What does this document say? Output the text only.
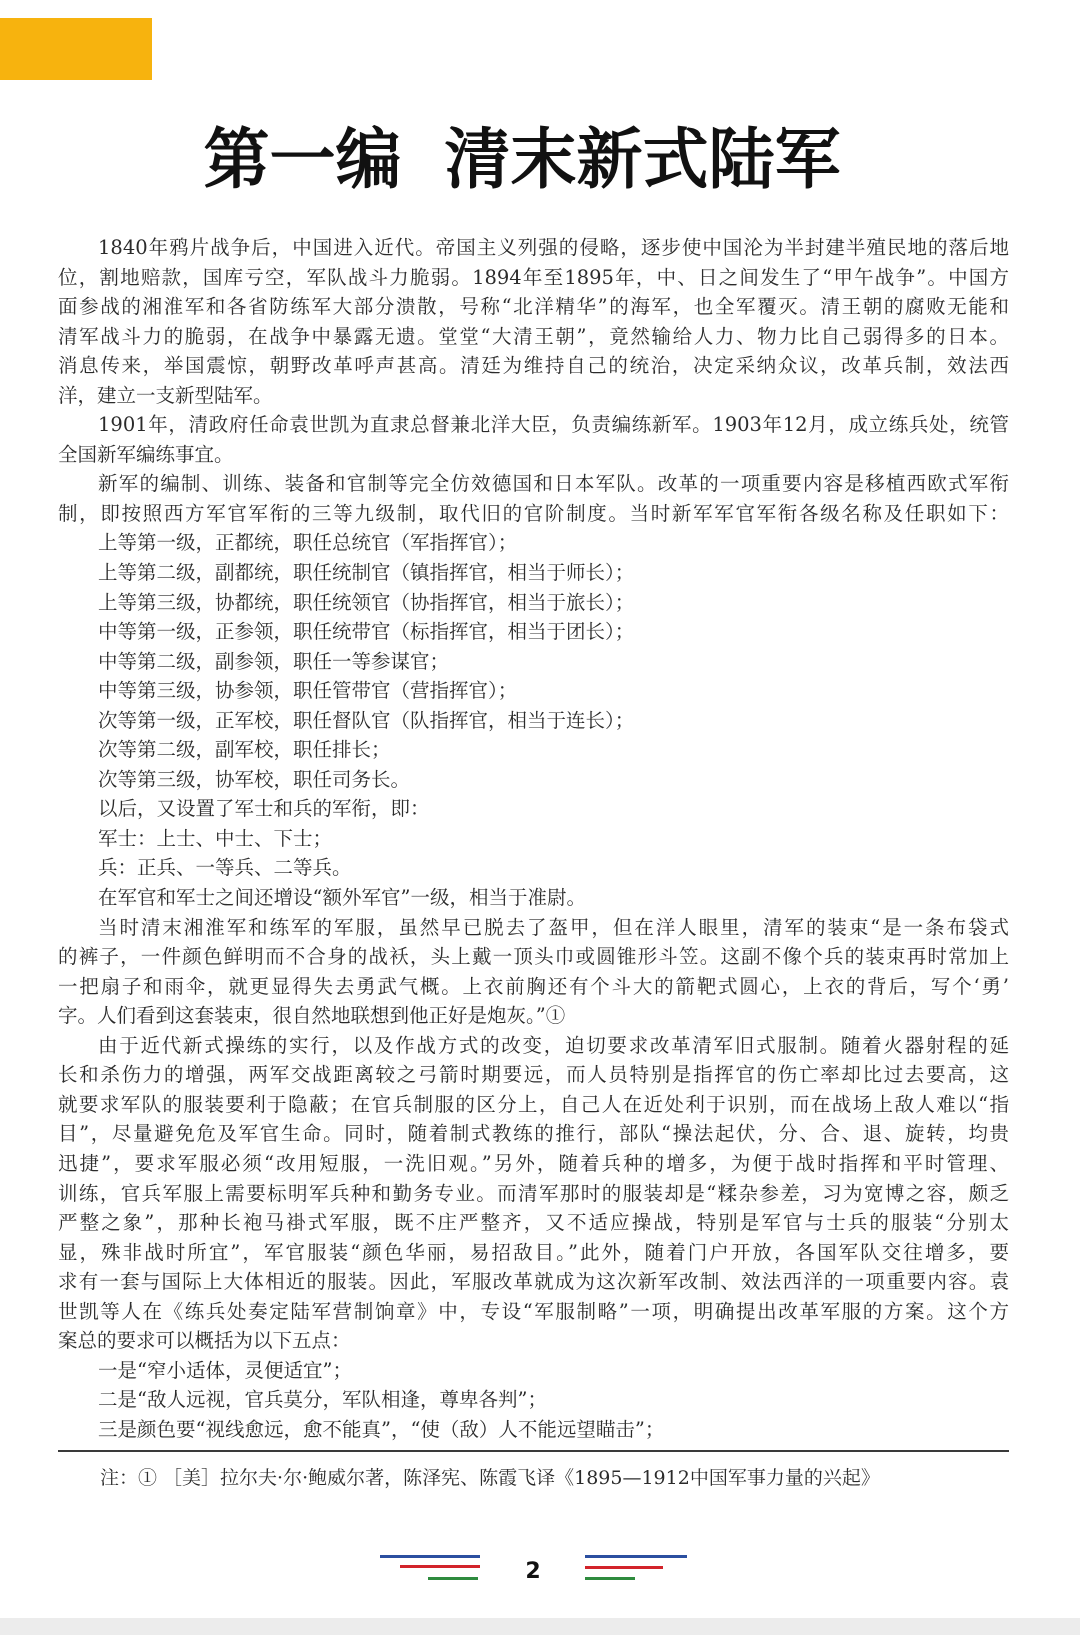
第一编 清末新式陆军
1840年鸦片战争后，中国进入近代。帝国主义列强的侵略，逐步使中国沦为半封建半殖民地的落后地
位，割地赔款，国库亏空，军队战斗力脆弱。1894年至1895年，中、日之间发生了“甲午战争”。中国方
面参战的湘淮军和各省防练军大部分溃散，号称“北洋精华”的海军，也全军覆灭。清王朝的腐败无能和
清军战斗力的脆弱，在战争中暴露无遗。堂堂“大清王朝”，竟然输给人力、物力比自己弱得多的日本。
消息传来，举国震惊，朝野改革呼声甚高。清廷为维持自己的统治，决定采纳众议，改革兵制，效法西
洋，建立一支新型陆军。
1901年，清政府任命袁世凯为直隶总督兼北洋大臣，负责编练新军。1903年12月，成立练兵处，统管
全国新军编练事宜。
新军的编制、训练、装备和官制等完全仿效德国和日本军队。改革的一项重要内容是移植西欧式军衔
制，即按照西方军官军衔的三等九级制，取代旧的官阶制度。当时新军军官军衔各级名称及任职如下：
上等第一级，正都统，职任总统官（军指挥官）；
上等第二级，副都统，职任统制官（镇指挥官，相当于师长）；
上等第三级，协都统，职任统领官（协指挥官，相当于旅长）；
中等第一级，正参领，职任统带官（标指挥官，相当于团长）；
中等第二级，副参领，职任一等参谋官；
中等第三级，协参领，职任管带官（营指挥官）；
次等第一级，正军校，职任督队官（队指挥官，相当于连长）；
次等第二级，副军校，职任排长；
次等第三级，协军校，职任司务长。
以后，又设置了军士和兵的军衔，即：
军士：上士、中士、下士；
兵：正兵、一等兵、二等兵。
在军官和军士之间还增设“额外军官”一级，相当于准尉。
当时清末湘淮军和练军的军服，虽然早已脱去了盔甲，但在洋人眼里，清军的装束“是一条布袋式
的裤子，一件颜色鲜明而不合身的战袄，头上戴一顶头巾或圆锥形斗笠。这副不像个兵的装束再时常加上
一把扇子和雨伞，就更显得失去勇武气概。上衣前胸还有个斗大的箭靶式圆心，上衣的背后，写个‘勇’
字。人们看到这套装束，很自然地联想到他正好是炮灰。”①
由于近代新式操练的实行，以及作战方式的改变，迫切要求改革清军旧式服制。随着火器射程的延
长和杀伤力的增强，两军交战距离较之弓箭时期要远，而人员特别是指挥官的伤亡率却比过去要高，这
就要求军队的服装要利于隐蔽；在官兵制服的区分上，自己人在近处利于识别，而在战场上敌人难以“指
目”，尽量避免危及军官生命。同时，随着制式教练的推行，部队“操法起伏，分、合、退、旋转，均贵
迅捷”，要求军服必须“改用短服，一洗旧观。”另外，随着兵种的增多，为便于战时指挥和平时管理、
训练，官兵军服上需要标明军兵种和勤务专业。而清军那时的服装却是“糅杂参差，习为宽博之容，颇乏
严整之象”，那种长袍马褂式军服，既不庄严整齐，又不适应操战，特别是军官与士兵的服装“分别太
显，殊非战时所宜”，军官服装“颜色华丽，易招敌目。”此外，随着门户开放，各国军队交往增多，要
求有一套与国际上大体相近的服装。因此，军服改革就成为这次新军改制、效法西洋的一项重要内容。袁
世凯等人在《练兵处奏定陆军营制饷章》中，专设“军服制略”一项，明确提出改革军服的方案。这个方
案总的要求可以概括为以下五点：
一是“窄小适体，灵便适宜”；
二是“敌人远视，官兵莫分，军队相逢，尊卑各判”；
三是颜色要“视线愈远，愈不能真”，“使（敌）人不能远望瞄击”；
注：① ［美］拉尔夫·尔·鲍威尔著，陈泽宪、陈霞飞译《1895—1912中国军事力量的兴起》
2
